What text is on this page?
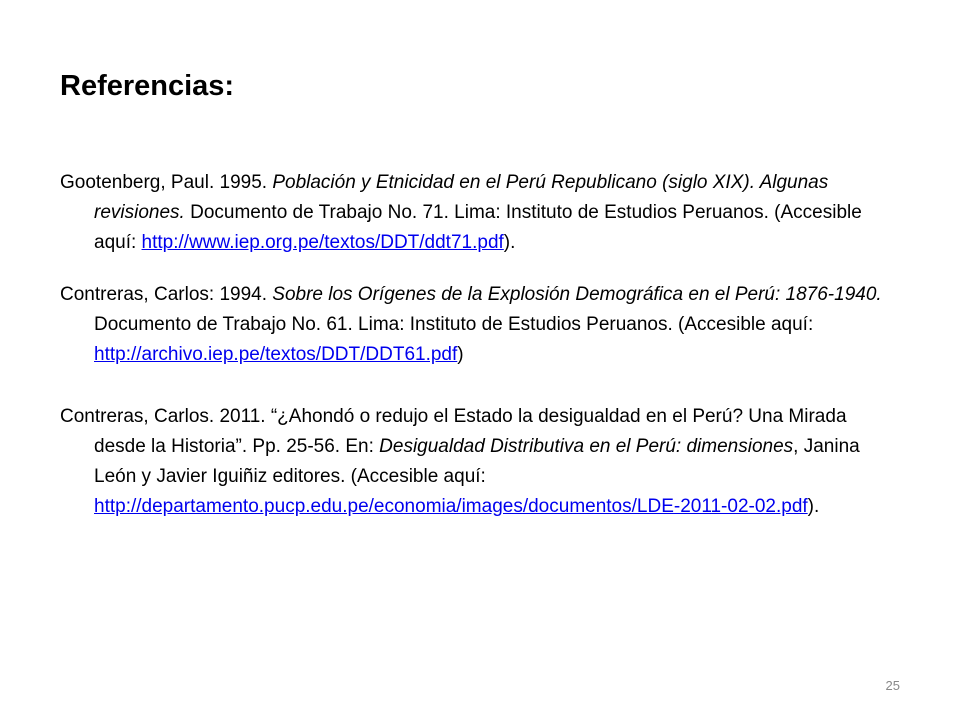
Referencias:

Gootenberg, Paul. 1995. Población y Etnicidad en el Perú Republicano (siglo XIX). Algunas revisiones. Documento de Trabajo No. 71. Lima: Instituto de Estudios Peruanos. (Accesible aquí: http://www.iep.org.pe/textos/DDT/ddt71.pdf).

Contreras, Carlos: 1994. Sobre los Orígenes de la Explosión Demográfica en el Perú: 1876-1940. Documento de Trabajo No. 61. Lima: Instituto de Estudios Peruanos. (Accesible aquí: http://archivo.iep.pe/textos/DDT/DDT61.pdf)

Contreras, Carlos. 2011. “¿Ahondó o redujo el Estado la desigualdad en el Perú? Una Mirada desde la Historia”. Pp. 25-56. En: Desigualdad Distributiva en el Perú: dimensiones, Janina León y Javier Iguiñiz editores. (Accesible aquí: http://departamento.pucp.edu.pe/economia/images/documentos/LDE-2011-02-02.pdf).

25
